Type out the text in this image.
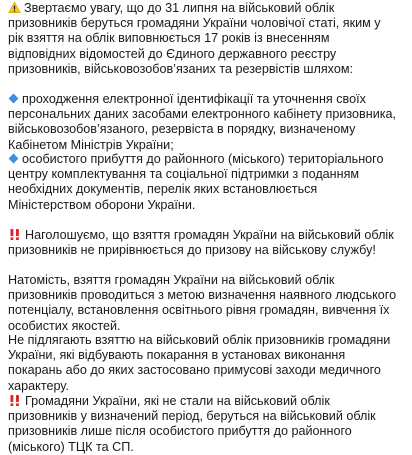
Звертаємо увагу, що до 31 липня на військовий облік призовників беруться громадяни України чоловічої статі, яким у рік взяття на облік виповнюється 17 років із внесенням відповідних відомостей до Єдиного державного реєстру призовників, військовозобов’язаних та резервістів шляхом:

проходження електронної ідентифікації та уточнення своїх персональних даних засобами електронного кабінету призовника, військовозобов’язаного, резервіста в порядку, визначеному Кабінетом Міністрів України;

особистого прибуття до районного (міського) територіального центру комплектування та соціальної підтримки з поданням необхідних документів, перелік яких встановлюється Міністерством оборони України.

Наголошуємо, що взяття громадян України на військовий облік призовників не прирівнюється до призову на військову службу!

Натомість, взяття громадян України на військовий облік призовників проводиться з метою визначення наявного людського потенціалу, встановлення освітнього рівня громадян, вивчення їх особистих якостей.

Не підлягають взяттю на військовий облік призовників громадяни України, які відбувають покарання в установах виконання покарань або до яких застосовано примусові заходи медичного характеру.

Громадяни України, які не стали на військовий облік призовників у визначений період, беруться на військовий облік призовників лише після особистого прибуття до районного (міського) ТЦК та СП.
